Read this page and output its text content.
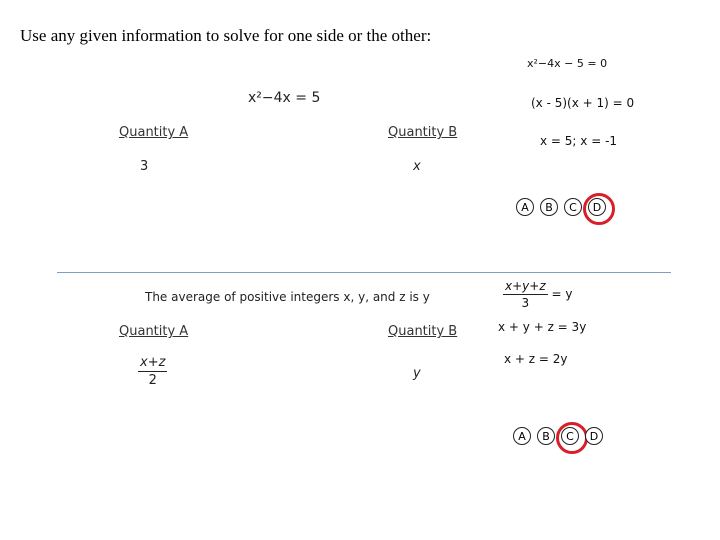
Use any given information to solve for one side or the other:
x²−4x = 5
Quantity A	Quantity B
3	x
x²−4x − 5 = 0
(x - 5)(x + 1) = 0
x = 5; x = -1
A	B	C	D
The average of positive integers x, y, and z is y
Quantity A	Quantity B
$\frac{x+z}{2}$	y
$\frac{x+y+z}{3} = y$
x + y + z = 3y
x + z = 2y
A	B	C	D
